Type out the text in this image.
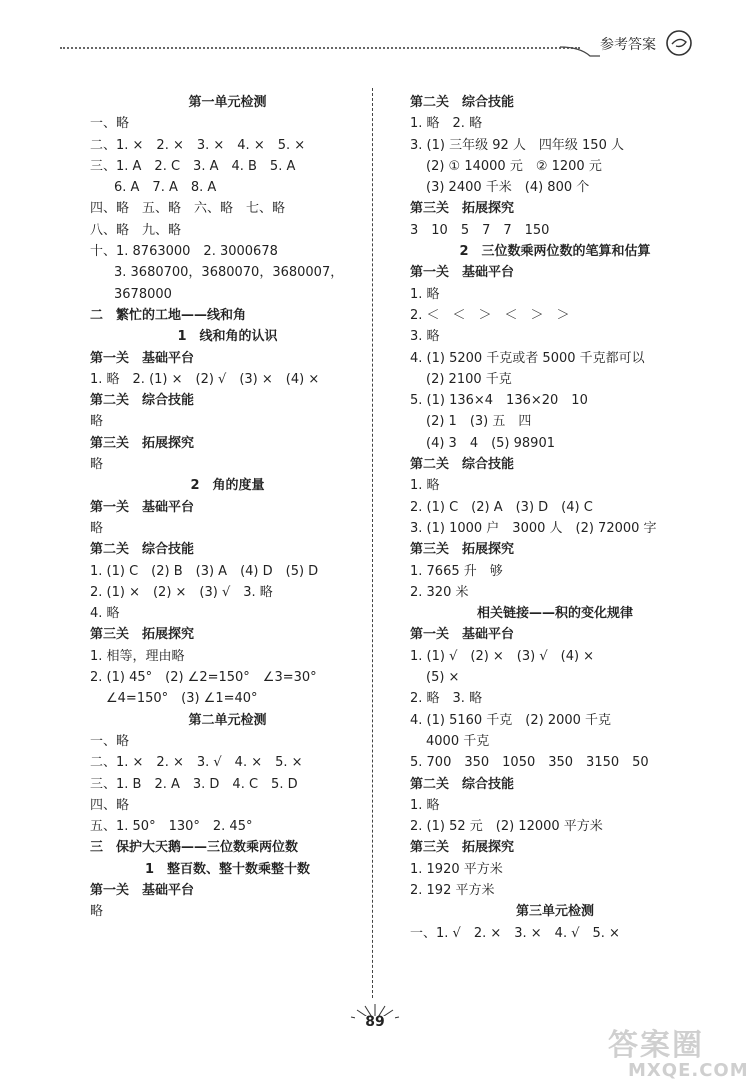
参考答案
第一单元检测
一、略
二、1. ×　2. ×　3. ×　4. ×　5. ×
三、1. A　2. C　3. A　4. B　5. A
6. A　7. A　8. A
四、略　五、略　六、略　七、略
八、略　九、略
十、1. 8763000　2. 3000678
3. 3680700，3680070，3680007，
3678000
二　繁忙的工地——线和角
1　线和角的认识
第一关　基础平台
1. 略　2. (1) ×　(2) √　(3) ×　(4) ×
第二关　综合技能
略
第三关　拓展探究
略
2　角的度量
第一关　基础平台
略
第二关　综合技能
1. (1) C　(2) B　(3) A　(4) D　(5) D
2. (1) ×　(2) ×　(3) √　3. 略
4. 略
第三关　拓展探究
1. 相等，理由略
2. (1) 45°　(2) ∠2=150°　∠3=30°
∠4=150°　(3) ∠1=40°
第二单元检测
一、略
二、1. ×　2. ×　3. √　4. ×　5. ×
三、1. B　2. A　3. D　4. C　5. D
四、略
五、1. 50°　130°　2. 45°
三　保护大天鹅——三位数乘两位数
1　整百数、整十数乘整十数
第一关　基础平台
略
第二关　综合技能
1. 略　2. 略
3. (1) 三年级 92 人　四年级 150 人
(2) ① 14000 元　② 1200 元
(3) 2400 千米　(4) 800 个
第三关　拓展探究
3　10　5　7　7　150
2　三位数乘两位数的笔算和估算
第一关　基础平台
1. 略
2. ＜　＜　＞　＜　＞　＞
3. 略
4. (1) 5200 千克或者 5000 千克都可以
(2) 2100 千克
5. (1) 136×4　136×20　10
(2) 1　(3) 五　四
(4) 3　4　(5) 98901
第二关　综合技能
1. 略
2. (1) C　(2) A　(3) D　(4) C
3. (1) 1000 户　3000 人　(2) 72000 字
第三关　拓展探究
1. 7665 升　够
2. 320 米
相关链接——积的变化规律
第一关　基础平台
1. (1) √　(2) ×　(3) √　(4) ×
(5) ×
2. 略　3. 略
4. (1) 5160 千克　(2) 2000 千克
4000 千克
5. 700　350　1050　350　3150　50
第二关　综合技能
1. 略
2. (1) 52 元　(2) 12000 平方米
第三关　拓展探究
1. 1920 平方米
2. 192 平方米
第三单元检测
一、1. √　2. ×　3. ×　4. √　5. ×
89
答案圈
MXQE.COM
